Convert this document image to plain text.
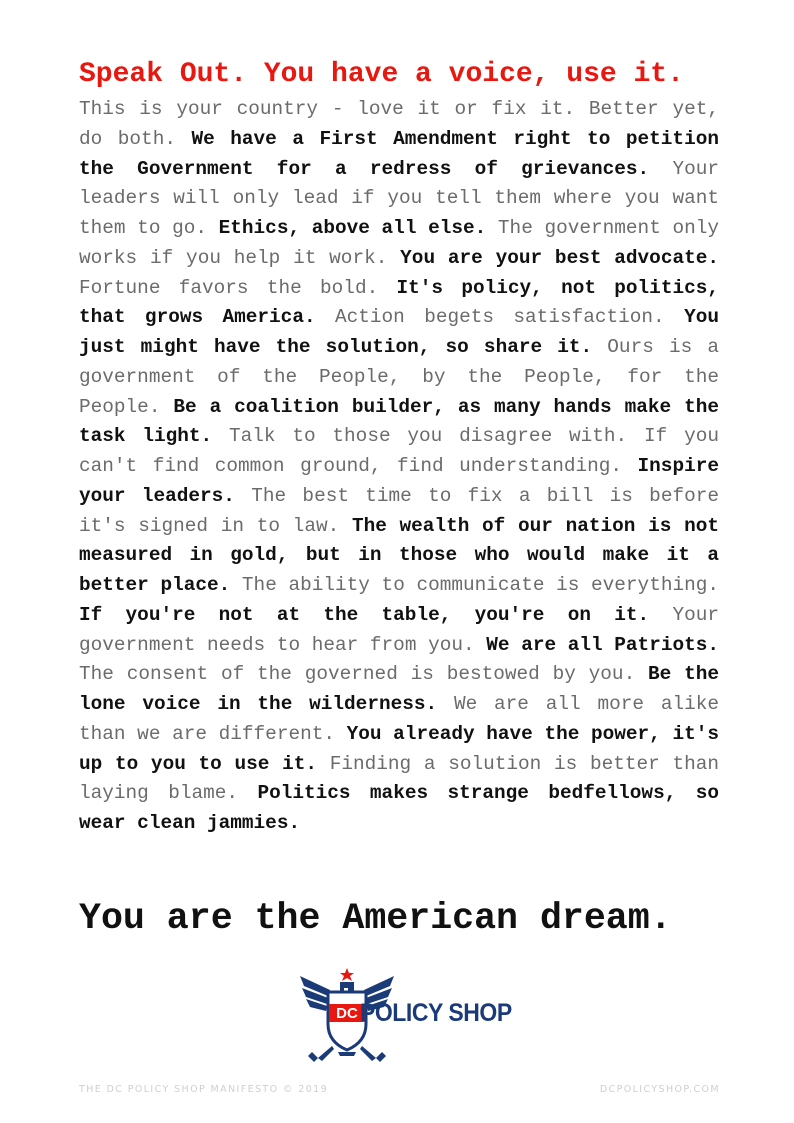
Speak Out. You have a voice, use it.

This is your country - love it or fix it. Better yet, do both. We have a First Amendment right to petition the Government for a redress of grievances. Your leaders will only lead if you tell them where you want them to go. Ethics, above all else. The government only works if you help it work. You are your best advocate. Fortune favors the bold. It's policy, not politics, that grows America. Action begets satisfaction. You just might have the solution, so share it. Ours is a government of the People, by the People, for the People. Be a coalition builder, as many hands make the task light. Talk to those you disagree with. If you can't find common ground, find understanding. Inspire your leaders. The best time to fix a bill is before it's signed in to law. The wealth of our nation is not measured in gold, but in those who would make it a better place. The ability to communicate is everything. If you're not at the table, you're on it. Your government needs to hear from you. We are all Patriots. The consent of the governed is bestowed by you. Be the lone voice in the wilderness. We are all more alike than we are different. You already have the power, it's up to you to use it. Finding a solution is better than laying blame. Politics makes strange bedfellows, so wear clean jammies.

You are the American dream.
DC POLICY SHOP
THE DC POLICY SHOP MANIFESTO © 2019	DCPOLICYSHOP.COM
